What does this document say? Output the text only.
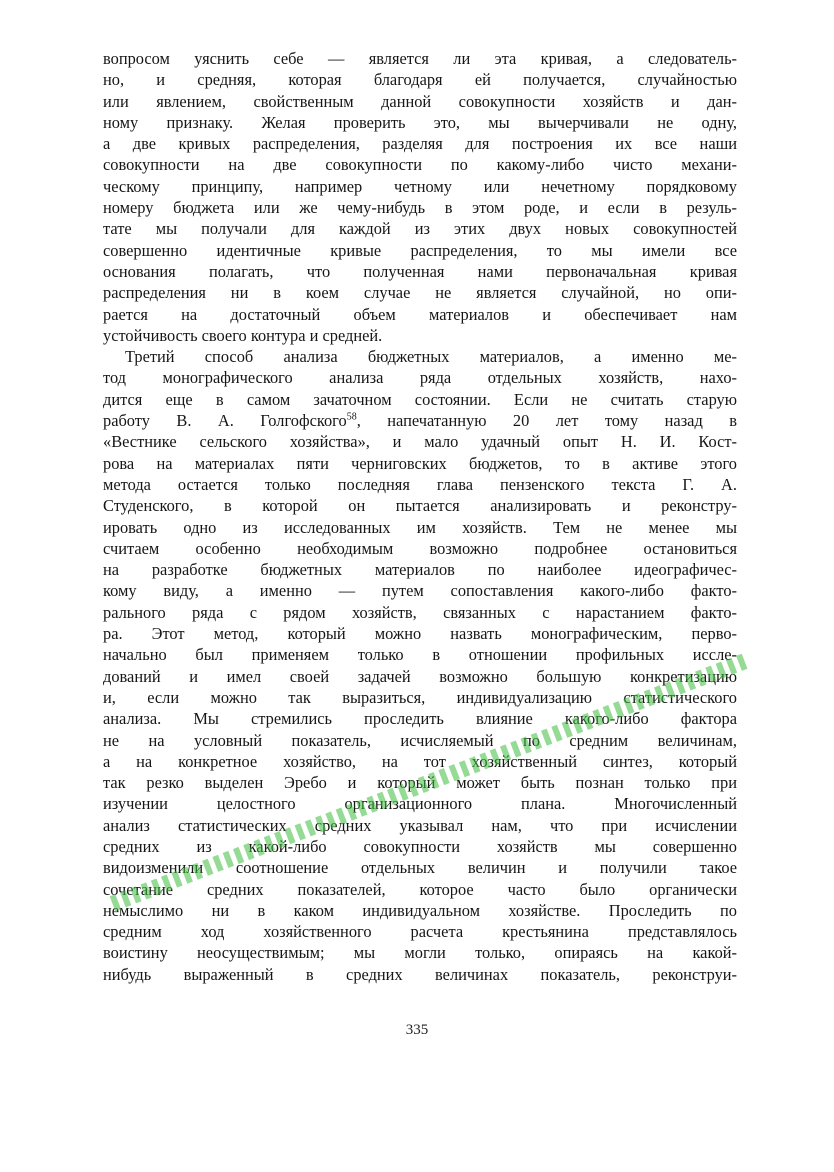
вопросом уяснить себе — является ли эта кривая, а следователь-
но, и средняя, которая благодаря ей получается, случайностью
или явлением, свойственным данной совокупности хозяйств и дан-
ному признаку. Желая проверить это, мы вычерчивали не одну,
а две кривых распределения, разделяя для построения их все наши
совокупности на две совокупности по какому-либо чисто механи-
ческому принципу, например четному или нечетному порядковому
номеру бюджета или же чему-нибудь в этом роде, и если в резуль-
тате мы получали для каждой из этих двух новых совокупностей
совершенно идентичные кривые распределения, то мы имели все
основания полагать, что полученная нами первоначальная кривая
распределения ни в коем случае не является случайной, но опи-
рается на достаточный объем материалов и обеспечивает нам
устойчивость своего контура и средней.

Третий способ анализа бюджетных материалов, а именно ме-
тод монографического анализа ряда отдельных хозяйств, нахо-
дится еще в самом зачаточном состоянии. Если не считать старую
работу В. А. Голгофского$^{58}$, напечатанную 20 лет тому назад в
«Вестнике сельского хозяйства», и мало удачный опыт Н. И. Кост-
рова на материалах пяти черниговских бюджетов, то в активе этого
метода остается только последняя глава пензенского текста Г. А.
Студенского, в которой он пытается анализировать и реконстру-
ировать одно из исследованных им хозяйств. Тем не менее мы
считаем особенно необходимым возможно подробнее остановиться
на разработке бюджетных материалов по наиболее идеографичес-
кому виду, а именно — путем сопоставления какого-либо факто-
рального ряда с рядом хозяйств, связанных с нарастанием факто-
ра. Этот метод, который можно назвать монографическим, перво-
начально был применяем только в отношении профильных иссле-
дований и имел своей задачей возможно большую конкретизацию
и, если можно так выразиться, индивидуализацию статистического
анализа. Мы стремились проследить влияние какого-либо фактора
не на условный показатель, исчисляемый по средним величинам,
а на конкретное хозяйство, на тот хозяйственный синтез, который
так резко выделен Эребо и который может быть познан только при
изучении целостного организационного плана. Многочисленный
анализ статистических средних указывал нам, что при исчислении
средних из какой-либо совокупности хозяйств мы совершенно
видоизменили соотношение отдельных величин и получили такое
сочетание средних показателей, которое часто было органически
немыслимо ни в каком индивидуальном хозяйстве. Проследить по
средним ход хозяйственного расчета крестьянина представлялось
воистину неосуществимым; мы могли только, опираясь на какой-
нибудь выраженный в средних величинах показатель, реконструи-

335
